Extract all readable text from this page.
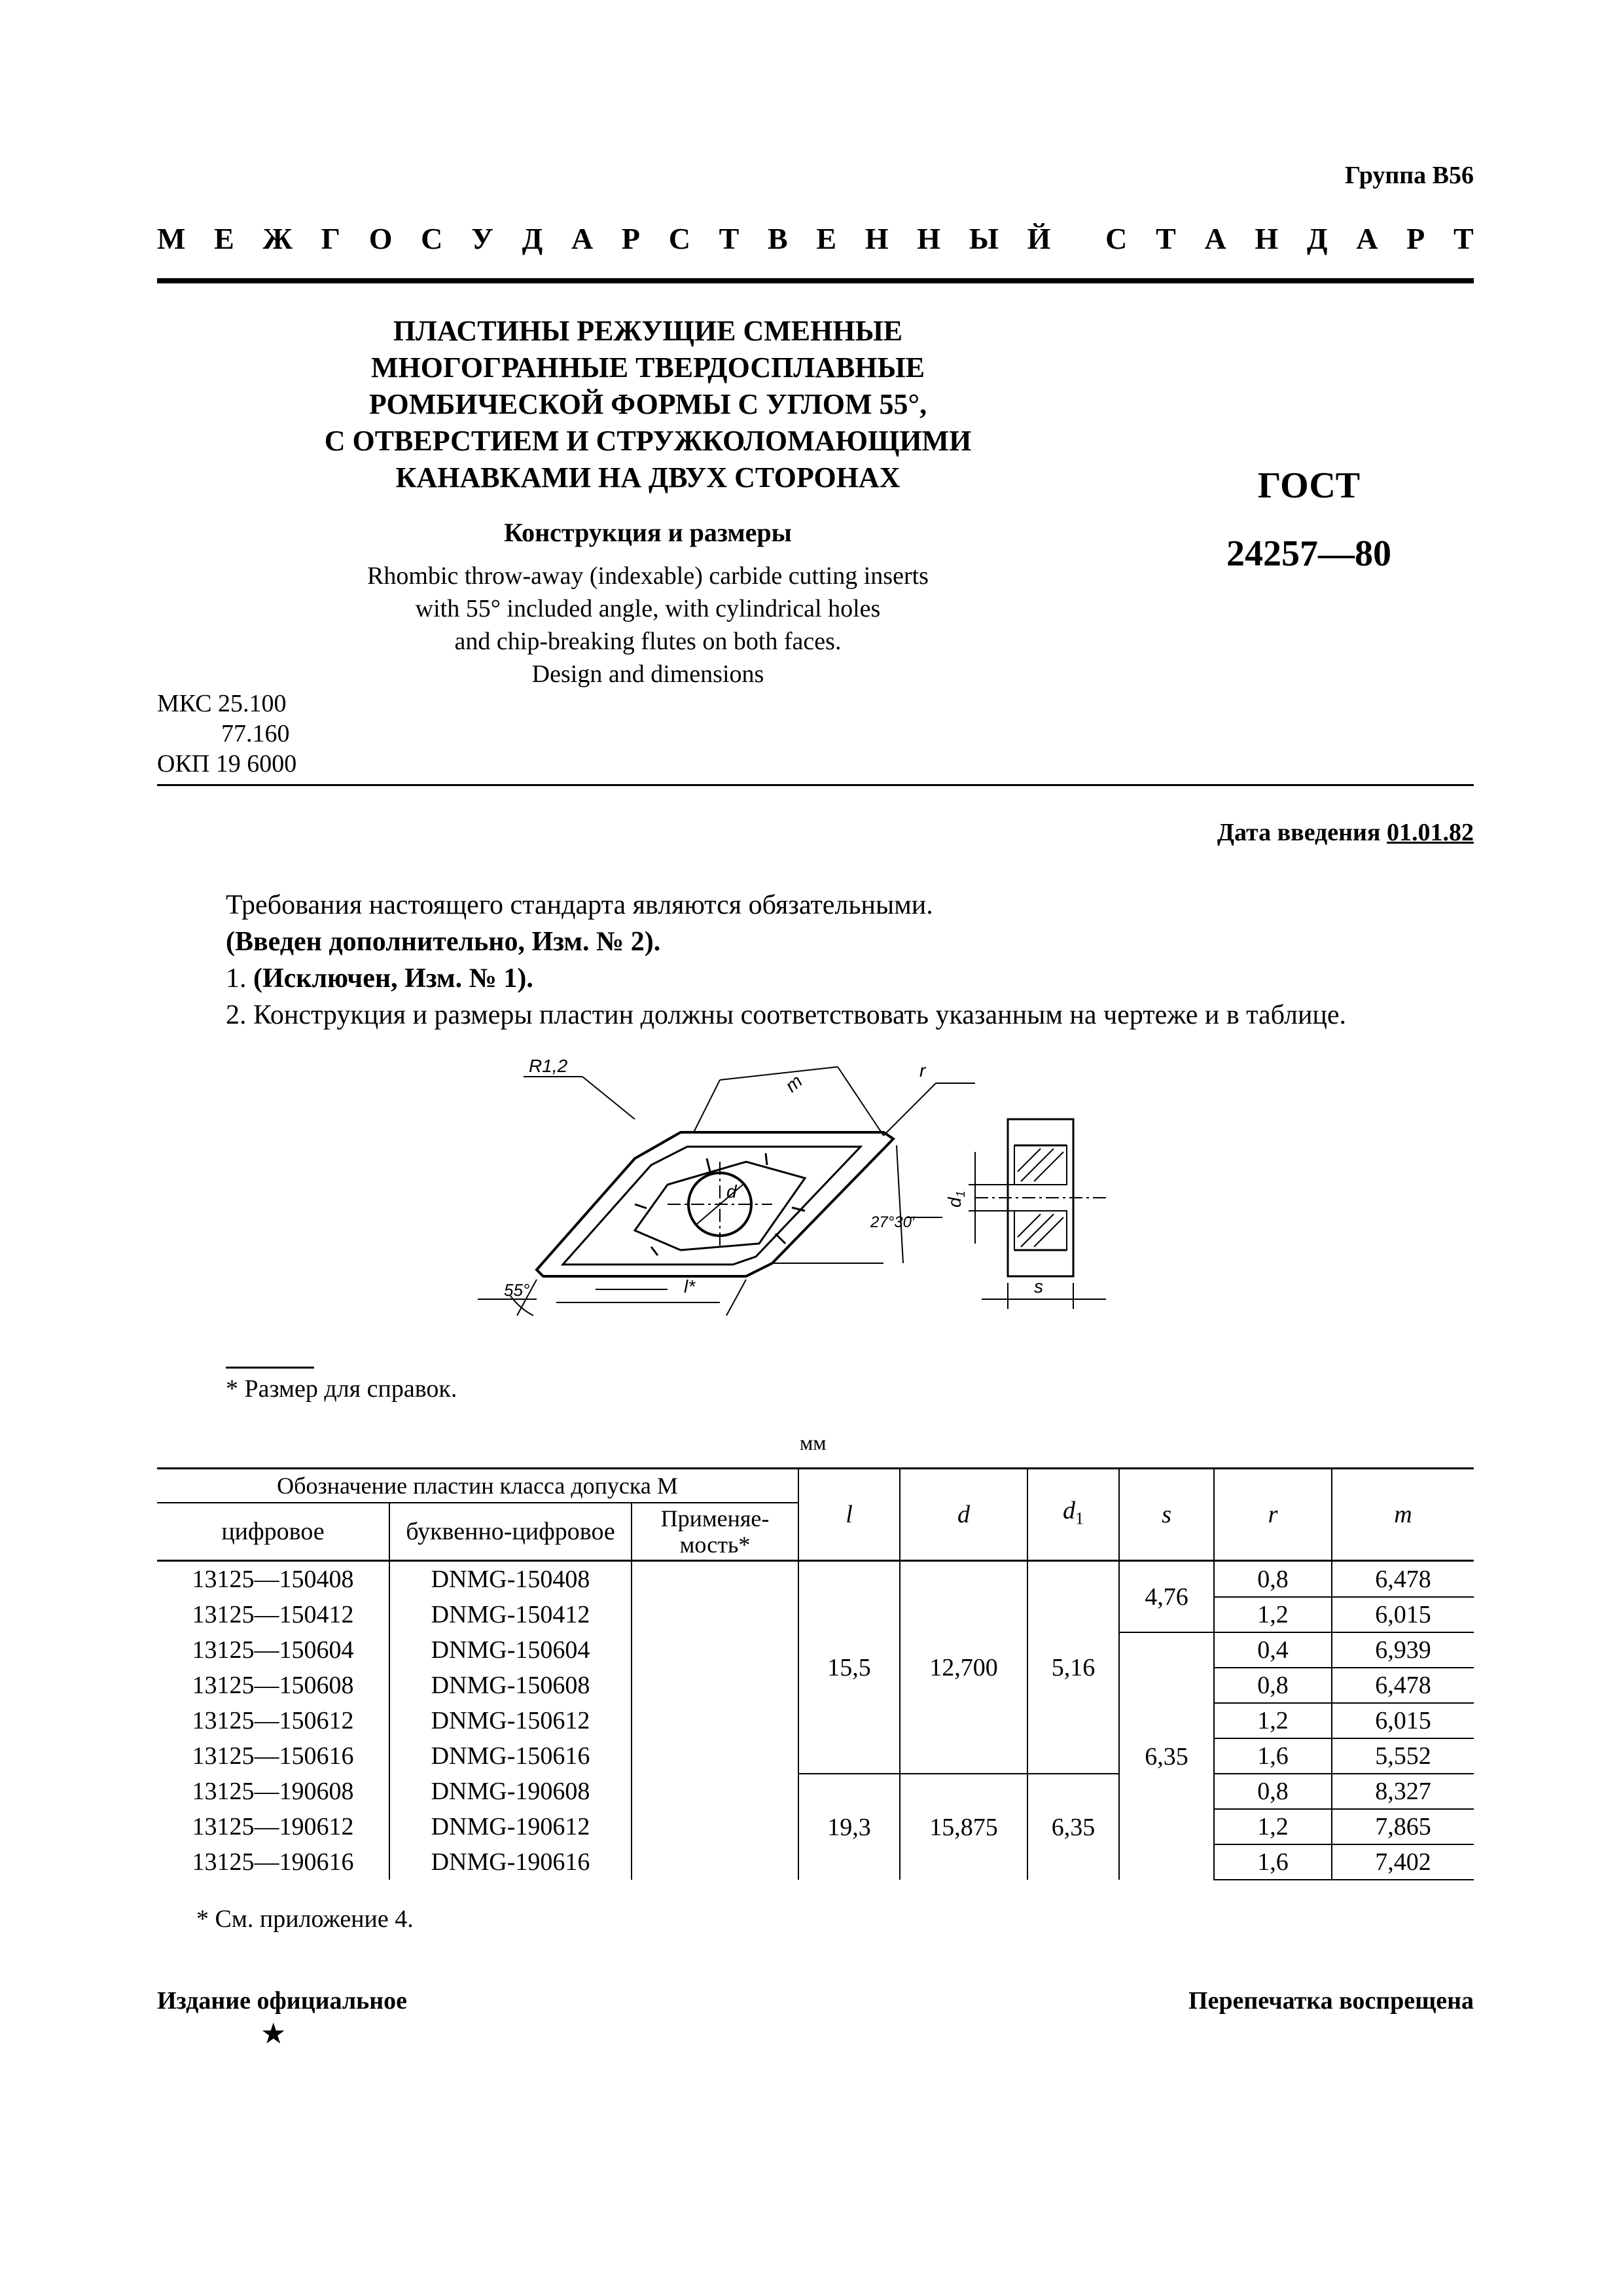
Группа В56
М Е Ж Г О С У Д А Р С Т В Е Н Н Ы Й С Т А Н Д А Р Т
ПЛАСТИНЫ РЕЖУЩИЕ СМЕННЫЕ
МНОГОГРАННЫЕ ТВЕРДОСПЛАВНЫЕ
РОМБИЧЕСКОЙ ФОРМЫ С УГЛОМ 55°,
С ОТВЕРСТИЕМ И СТРУЖКОЛОМАЮЩИМИ
КАНАВКАМИ НА ДВУХ СТОРОНАХ
Конструкция и размеры
Rhombic throw-away (indexable) carbide cutting inserts
with 55° included angle, with cylindrical holes
and chip-breaking flutes on both faces.
Design and dimensions
ГОСТ
24257—80
МКС 25.100
77.160
ОКП 19 6000
Дата введения 01.01.82
Требования настоящего стандарта являются обязательными.
(Введен дополнительно, Изм. № 2).
1. (Исключен, Изм. № 1).
2. Конструкция и размеры пластин должны соответствовать указанным на чертеже и в таблице.
R1,2
m
r
d
27°30′
l*
55°
$d_1$
s
* Размер для справок.
мм
Обозначение пластин класса допуска М			l	d	$d_1$	s	r	m
цифровое	буквенно-цифровое	Применяе-
мость*						

13125—150408	DNMG-150408		15,5	12,700	5,16	4,76	0,8	6,478
13125—150412	DNMG-150412						1,2	6,015
13125—150604	DNMG-150604					6,35	0,4	6,939
13125—150608	DNMG-150608						0,8	6,478
13125—150612	DNMG-150612						1,2	6,015
13125—150616	DNMG-150616						1,6	5,552
13125—190608	DNMG-190608		19,3	15,875	6,35		0,8	8,327
13125—190612	DNMG-190612						1,2	7,865
13125—190616	DNMG-190616						1,6	7,402
* См. приложение 4.
Издание официальное	Перепечатка воспрещена
★
